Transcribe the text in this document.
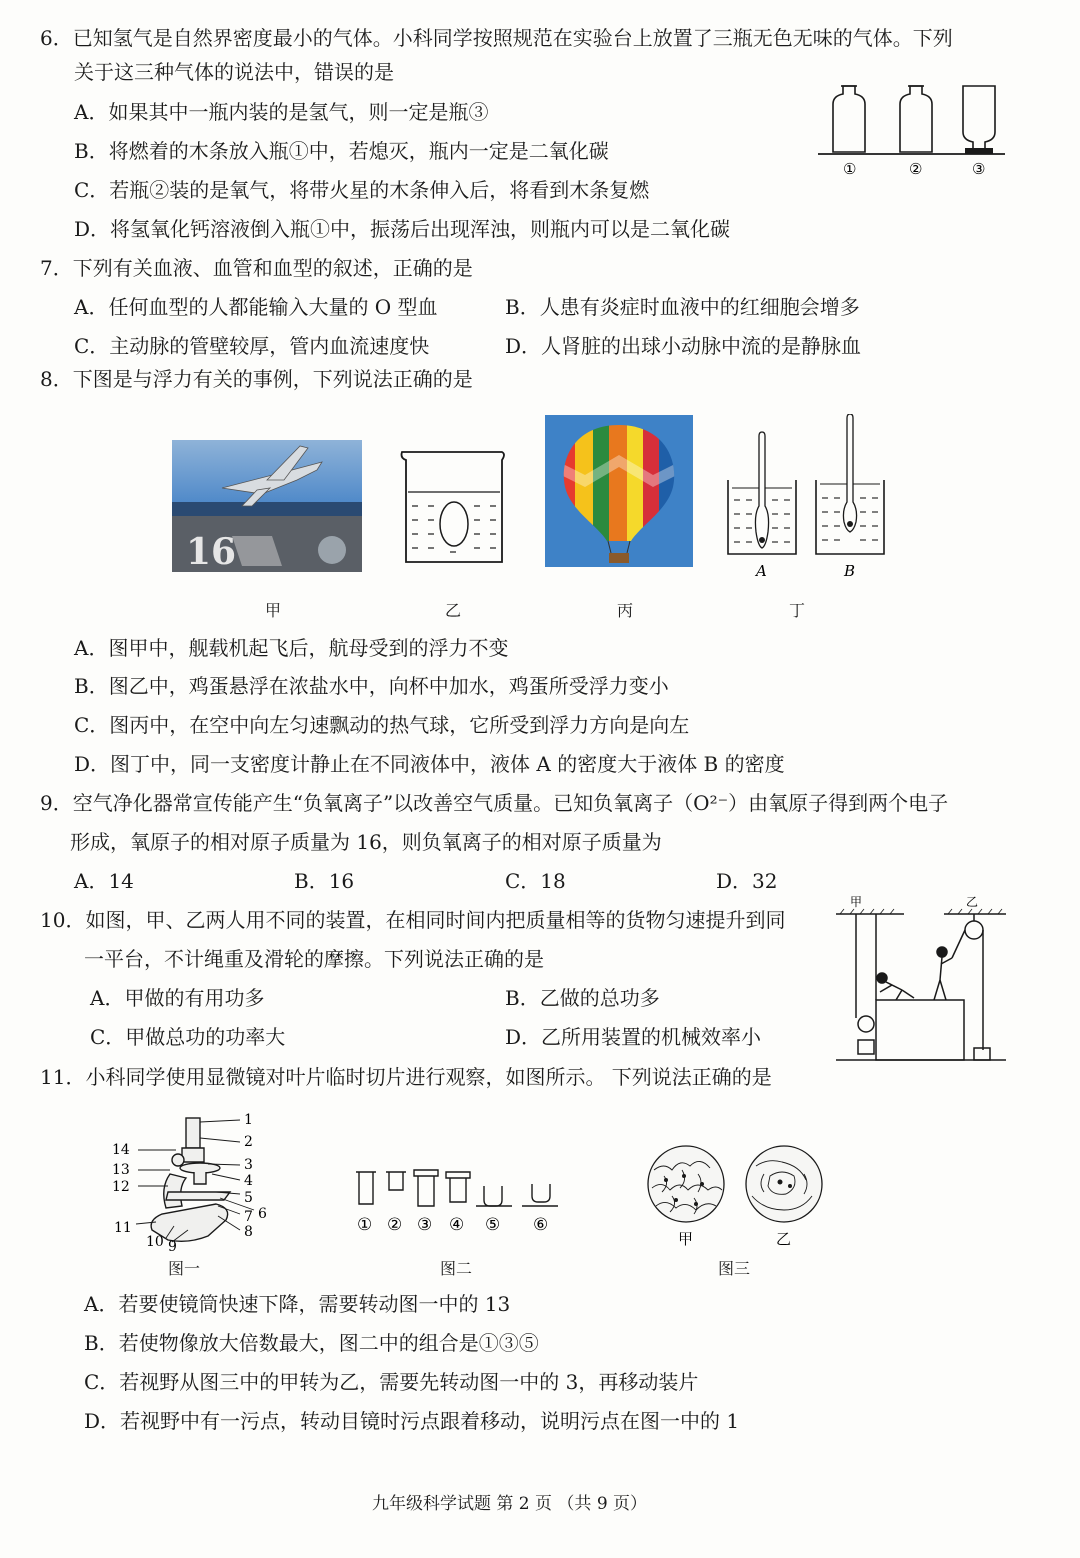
6．已知氢气是自然界密度最小的气体。小科同学按照规范在实验台上放置了三瓶无色无味的气体。下列
关于这三种气体的说法中，错误的是
A．如果其中一瓶内装的是氢气，则一定是瓶③
B．将燃着的木条放入瓶①中，若熄灭，瓶内一定是二氧化碳
C．若瓶②装的是氧气，将带火星的木条伸入后，将看到木条复燃
D．将氢氧化钙溶液倒入瓶①中，振荡后出现浑浊，则瓶内可以是二氧化碳
①	②	③
7．下列有关血液、血管和血型的叙述，正确的是
A．任何血型的人都能输入大量的 O 型血	B．人患有炎症时血液中的红细胞会增多
C．主动脉的管壁较厚，管内血流速度快	D．人肾脏的出球小动脉中流的是静脉血
8．下图是与浮力有关的事例，下列说法正确的是
16	A	B
甲	乙	丙	丁
A．图甲中，舰载机起飞后，航母受到的浮力不变
B．图乙中，鸡蛋悬浮在浓盐水中，向杯中加水，鸡蛋所受浮力变小
C．图丙中，在空中向左匀速飘动的热气球，它所受到浮力方向是向左
D．图丁中，同一支密度计静止在不同液体中，液体 A 的密度大于液体 B 的密度
9．空气净化器常宣传能产生“负氧离子”以改善空气质量。已知负氧离子（O²⁻）由氧原子得到两个电子
形成，氧原子的相对原子质量为 16，则负氧离子的相对原子质量为
A．14	B．16	C．18	D．32
10．如图，甲、乙两人用不同的装置，在相同时间内把质量相等的货物匀速提升到同
一平台，不计绳重及滑轮的摩擦。下列说法正确的是
A．甲做的有用功多	B．乙做的总功多
C．甲做总功的功率大	D．乙所用装置的机械效率小
甲	乙
11．小科同学使用显微镜对叶片临时切片进行观察，如图所示。 下列说法正确的是
1
2
3
4
5
6
7
8
9
10
11
12
13
14
① ② ③ ④ ⑤ ⑥
甲	乙
图一	图二	图三
A．若要使镜筒快速下降，需要转动图一中的 13
B．若使物像放大倍数最大，图二中的组合是①③⑤
C．若视野从图三中的甲转为乙，需要先转动图一中的 3，再移动装片
D．若视野中有一污点，转动目镜时污点跟着移动，说明污点在图一中的 1
九年级科学试题 第 2 页 （共 9 页）
